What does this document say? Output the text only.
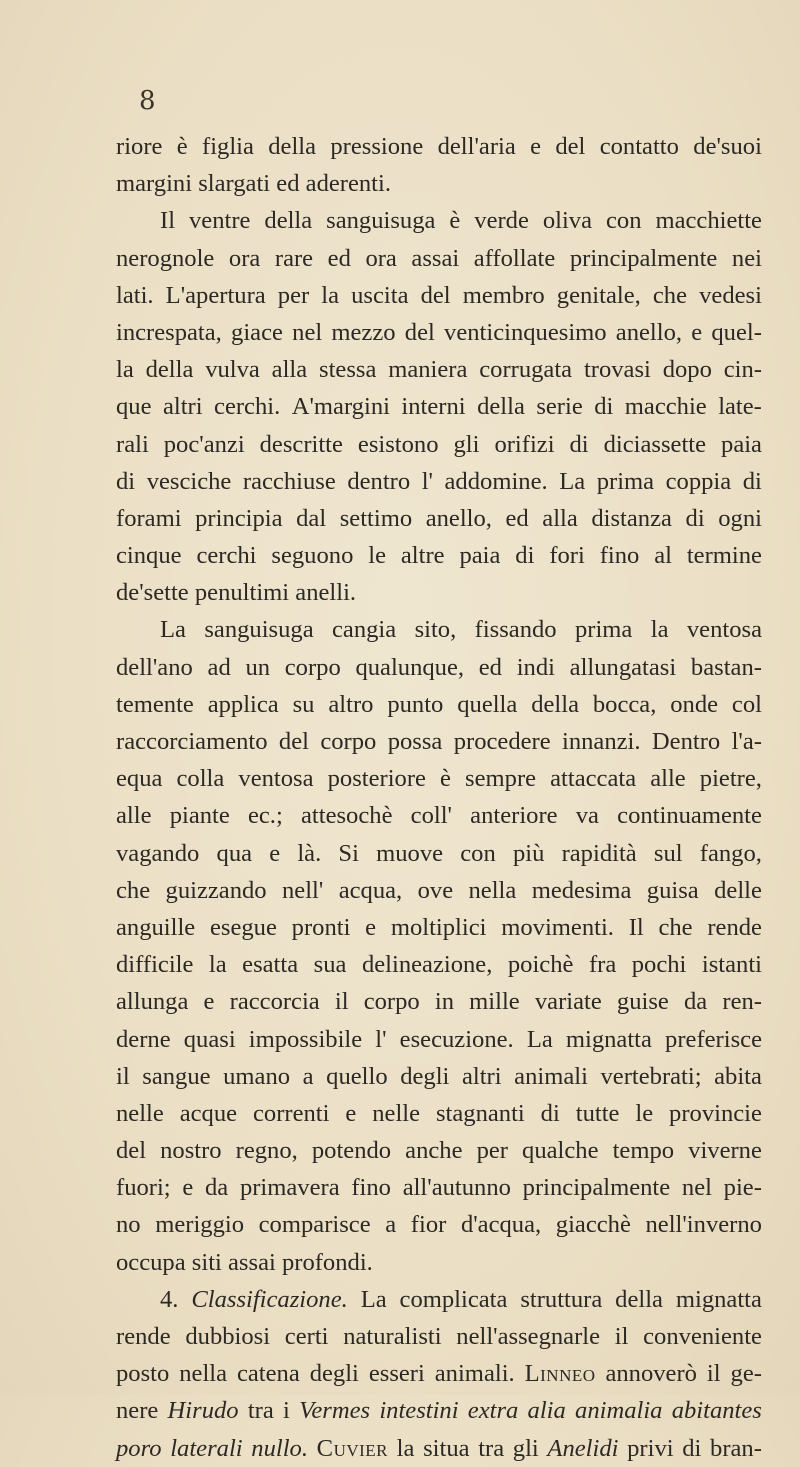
8
riore è figlia della pressione dell'aria e del contatto de'suoi
margini slargati ed aderenti.
Il ventre della sanguisuga è verde oliva con macchiette
nerognole ora rare ed ora assai affollate principalmente nei
lati. L'apertura per la uscita del membro genitale, che vedesi
increspata, giace nel mezzo del venticinquesimo anello, e quel-
la della vulva alla stessa maniera corrugata trovasi dopo cin-
que altri cerchi. A'margini interni della serie di macchie late-
rali poc'anzi descritte esistono gli orifizi di diciassette paia
di vesciche racchiuse dentro l' addomine. La prima coppia di
forami principia dal settimo anello, ed alla distanza di ogni
cinque cerchi seguono le altre paia di fori fino al termine
de'sette penultimi anelli.
La sanguisuga cangia sito, fissando prima la ventosa
dell'ano ad un corpo qualunque, ed indi allungatasi bastan-
temente applica su altro punto quella della bocca, onde col
raccorciamento del corpo possa procedere innanzi. Dentro l'a-
equa colla ventosa posteriore è sempre attaccata alle pietre,
alle piante ec.; attesochè coll' anteriore va continuamente
vagando qua e là. Si muove con più rapidità sul fango,
che guizzando nell' acqua, ove nella medesima guisa delle
anguille esegue pronti e moltiplici movimenti. Il che rende
difficile la esatta sua delineazione, poichè fra pochi istanti
allunga e raccorcia il corpo in mille variate guise da ren-
derne quasi impossibile l' esecuzione. La mignatta preferisce
il sangue umano a quello degli altri animali vertebrati; abita
nelle acque correnti e nelle stagnanti di tutte le provincie
del nostro regno, potendo anche per qualche tempo viverne
fuori; e da primavera fino all'autunno principalmente nel pie-
no meriggio comparisce a fior d'acqua, giacchè nell'inverno
occupa siti assai profondi.
4. Classificazione. La complicata struttura della mignatta
rende dubbiosi certi naturalisti nell'assegnarle il conveniente
posto nella catena degli esseri animali. Linneo annoverò il ge-
nere Hirudo tra i Vermes intestini extra alia animalia abitantes
poro laterali nullo. Cuvier la situa tra gli Anelidi privi di bran-
